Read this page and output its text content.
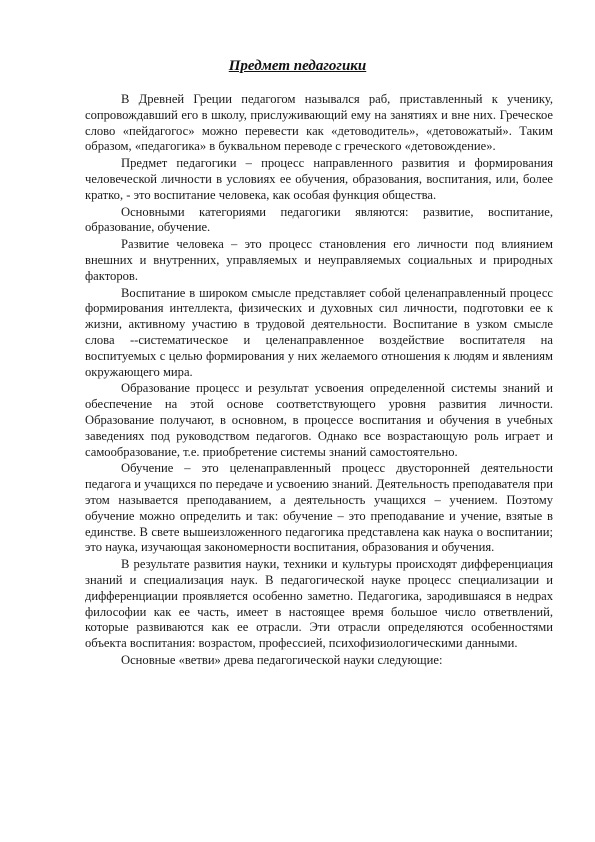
Предмет педагогики

В Древней Греции педагогом назывался раб, приставленный к ученику, сопровождавший его в школу, прислуживающий ему на занятиях и вне них. Греческое слово «пейдагогос» можно перевести как «детоводитель», «детовожатый». Таким образом, «педагогика» в буквальном переводе с греческого «детовождение».

Предмет педагогики – процесс направленного развития и формирования человеческой личности в условиях ее обучения, образования, воспитания, или, более кратко, - это воспитание человека, как особая функция общества.

Основными категориями педагогики являются: развитие, воспитание, образование, обучение.

Развитие человека – это процесс становления его личности под влиянием внешних и внутренних, управляемых и неуправляемых социальных и природных факторов.

Воспитание в широком смысле представляет собой целенаправленный процесс формирования интеллекта, физических и духовных сил личности, подготовки ее к жизни, активному участию в трудовой деятельности. Воспитание в узком смысле слова --систематическое и целенаправленное воздействие воспитателя на воспитуемых с целью формирования у них желаемого отношения к людям и явлениям окружающего мира.

Образование процесс и результат усвоения определенной системы знаний и обеспечение на этой основе соответствующего уровня развития личности. Образование получают, в основном, в процессе воспитания и обучения в учебных заведениях под руководством педагогов. Однако все возрастающую роль играет и самообразование, т.е. приобретение системы знаний самостоятельно.

Обучение – это целенаправленный процесс двусторонней деятельности педагога и учащихся по передаче и усвоению знаний. Деятельность преподавателя при этом называется преподаванием, а деятельность учащихся – учением. Поэтому обучение можно определить и так: обучение – это преподавание и учение, взятые в единстве. В свете вышеизложенного педагогика представлена как наука о воспитании; это наука, изучающая закономерности воспитания, образования и обучения.

В результате развития науки, техники и культуры происходят дифференциация знаний и специализация наук. В педагогической науке процесс специализации и дифференциации проявляется особенно заметно. Педагогика, зародившаяся в недрах философии как ее часть, имеет в настоящее время большое число ответвлений, которые развиваются как ее отрасли. Эти отрасли определяются особенностями объекта воспитания: возрастом, профессией, психофизиологическими данными.

Основные «ветви» древа педагогической науки следующие:
